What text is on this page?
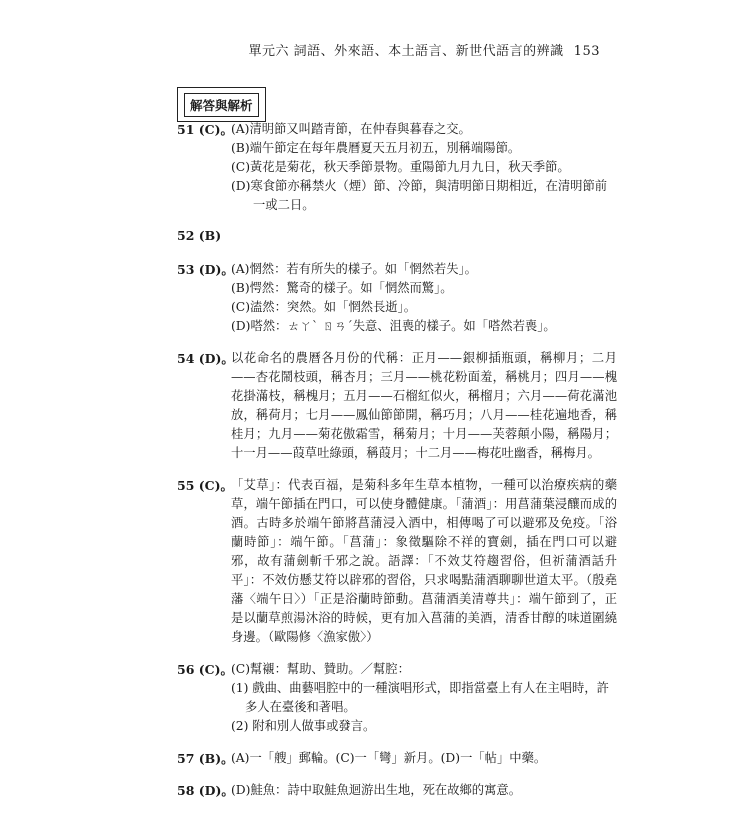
單元六 詞語、外來語、本土語言、新世代語言的辨識 153
解答與解析
51 (C)。
(A)清明節又叫踏青節，在仲春與暮春之交。
(B)端午節定在每年農曆夏天五月初五，別稱端陽節。
(C)黃花是菊花，秋天季節景物。重陽節九月九日，秋天季節。
(D)寒食節亦稱禁火（煙）節、冷節，與清明節日期相近，在清明節前一或二日。
52 (B)
53 (D)。
(A)惘然：若有所失的樣子。如「惘然若失」。
(B)愕然：驚奇的樣子。如「惘然而驚」。
(C)溘然：突然。如「惘然長逝」。
(D)嗒然：ㄊㄚˋ ㄖㄢˊ失意、沮喪的樣子。如「嗒然若喪」。
54 (D)。
以花命名的農曆各月份的代稱：正月——銀柳插瓶頭，稱柳月；二月——杏花鬧枝頭，稱杏月；三月——桃花粉面羞，稱桃月；四月——槐花掛滿枝，稱槐月；五月——石榴紅似火，稱榴月；六月——荷花滿池放，稱荷月；七月——鳳仙節節開，稱巧月；八月——桂花遍地香，稱桂月；九月——菊花傲霜雪，稱菊月；十月——芙蓉顛小陽，稱陽月；十一月——葭草吐綠頭，稱葭月；十二月——梅花吐幽香，稱梅月。
55 (C)。
「艾草」：代表百福，是菊科多年生草本植物，一種可以治療疾病的藥草，端午節插在門口，可以使身體健康。「蒲酒」：用菖蒲葉浸釀而成的酒。古時多於端午節將菖蒲浸入酒中，相傳喝了可以避邪及免疫。「浴蘭時節」：端午節。「菖蒲」：象徵驅除不祥的寶劍，插在門口可以避邪，故有蒲劍斬千邪之說。語譯：「不效艾符趨習俗，但祈蒲酒話升平」：不效仿懸艾符以辟邪的習俗，只求喝點蒲酒聊聊世道太平。（殷堯藩〈端午日〉）「正是浴蘭時節動。菖蒲酒美清尊共」：端午節到了，正是以蘭草煎湯沐浴的時候，更有加入菖蒲的美酒，清香甘醇的味道圍繞身邊。（歐陽修〈漁家傲〉）
56 (C)。
(C)幫襯：幫助、贊助。／幫腔：
(1) 戲曲、曲藝唱腔中的一種演唱形式，即指當臺上有人在主唱時，許多人在臺後和著唱。
(2) 附和別人做事或發言。
57 (B)。
(A)一「艘」郵輪。(C)一「彎」新月。(D)一「帖」中藥。
58 (D)。
(D)鮭魚：詩中取鮭魚迴游出生地，死在故鄉的寓意。
